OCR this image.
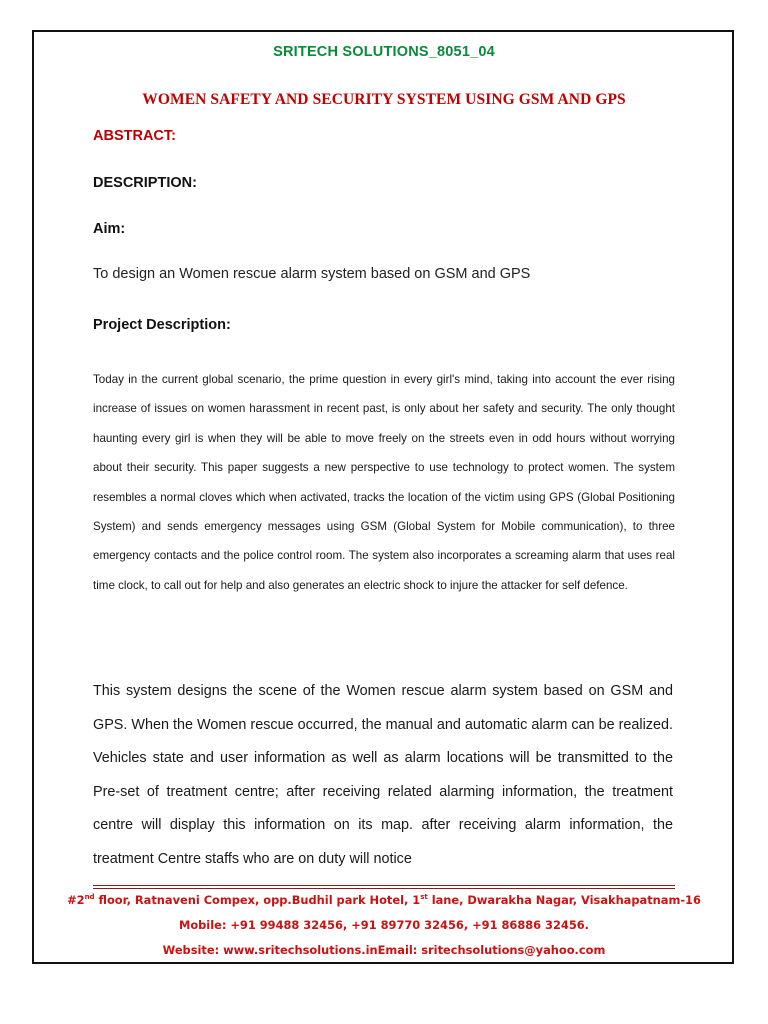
SRITECH SOLUTIONS_8051_04
WOMEN SAFETY AND SECURITY SYSTEM USING GSM AND GPS
ABSTRACT:
DESCRIPTION:
Aim:
To design an Women rescue alarm system based on GSM and GPS
Project Description:
Today in the current global scenario, the prime question in every girl's mind, taking into account the ever rising increase of issues on women harassment in recent past, is only about her safety and security. The only thought haunting every girl is when they will be able to move freely on the streets even in odd hours without worrying about their security. This paper suggests a new perspective to use technology to protect women. The system resembles a normal cloves which when activated, tracks the location of the victim using GPS (Global Positioning System) and sends emergency messages using GSM (Global System for Mobile communication), to three emergency contacts and the police control room. The system also incorporates a screaming alarm that uses real time clock, to call out for help and also generates an electric shock to injure the attacker for self defence.
This system designs the scene of the Women rescue alarm system based on GSM and GPS. When the Women rescue occurred, the manual and automatic alarm can be realized. Vehicles state and user information as well as alarm locations will be transmitted to the Pre-set of treatment centre; after receiving related alarming information, the treatment centre will display this information on its map. after receiving alarm information, the treatment Centre staffs who are on duty will notice
#2nd floor, Ratnaveni Compex, opp.Budhil park Hotel, 1st lane, Dwarakha Nagar, Visakhapatnam-16
Mobile: +91 99488 32456, +91 89770 32456, +91 86886 32456.
Website: www.sritechsolutions.inEmail: sritechsolutions@yahoo.com
